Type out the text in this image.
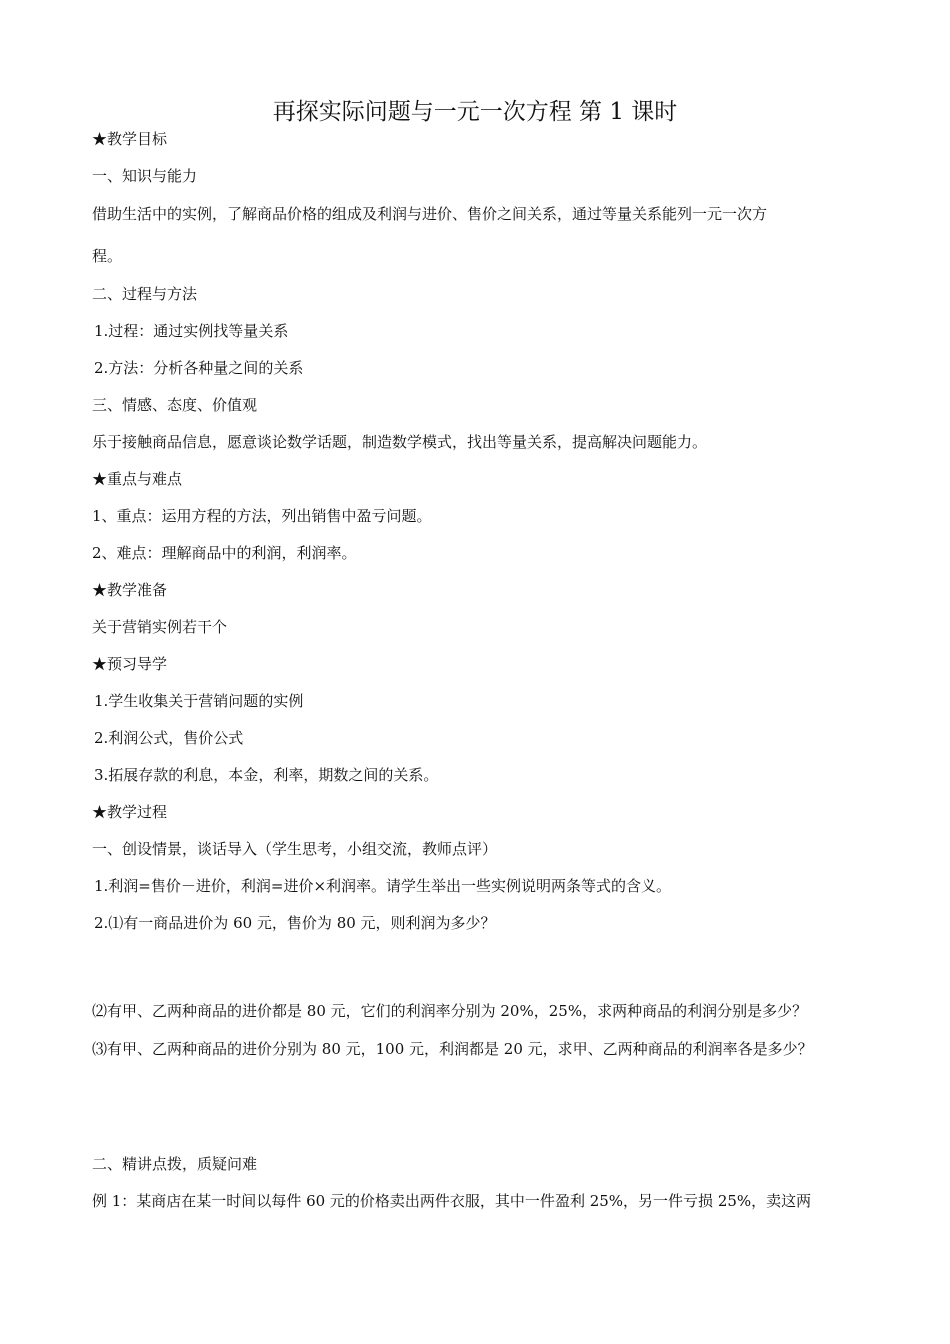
再探实际问题与一元一次方程 第 1 课时
★教学目标
一、知识与能力
借助生活中的实例，了解商品价格的组成及利润与进价、售价之间关系，通过等量关系能列一元一次方
程。
二、过程与方法
1.过程：通过实例找等量关系
2.方法：分析各种量之间的关系
三、情感、态度、价值观
乐于接触商品信息，愿意谈论数学话题，制造数学模式，找出等量关系，提高解决问题能力。
★重点与难点
1、重点：运用方程的方法，列出销售中盈亏问题。
2、难点：理解商品中的利润，利润率。
★教学准备
关于营销实例若干个
★预习导学
1.学生收集关于营销问题的实例
2.利润公式，售价公式
3.拓展存款的利息，本金，利率，期数之间的关系。
★教学过程
一、创设情景，谈话导入（学生思考，小组交流，教师点评）
1.利润=售价－进价，利润=进价×利润率。请学生举出一些实例说明两条等式的含义。
2.⑴有一商品进价为 60 元，售价为 80 元，则利润为多少？
⑵有甲、乙两种商品的进价都是 80 元，它们的利润率分别为 20%，25%，求两种商品的利润分别是多少？
⑶有甲、乙两种商品的进价分别为 80 元，100 元，利润都是 20 元，求甲、乙两种商品的利润率各是多少？
二、精讲点拨，质疑问难
例 1：某商店在某一时间以每件 60 元的价格卖出两件衣服，其中一件盈利 25%，另一件亏损 25%，卖这两
